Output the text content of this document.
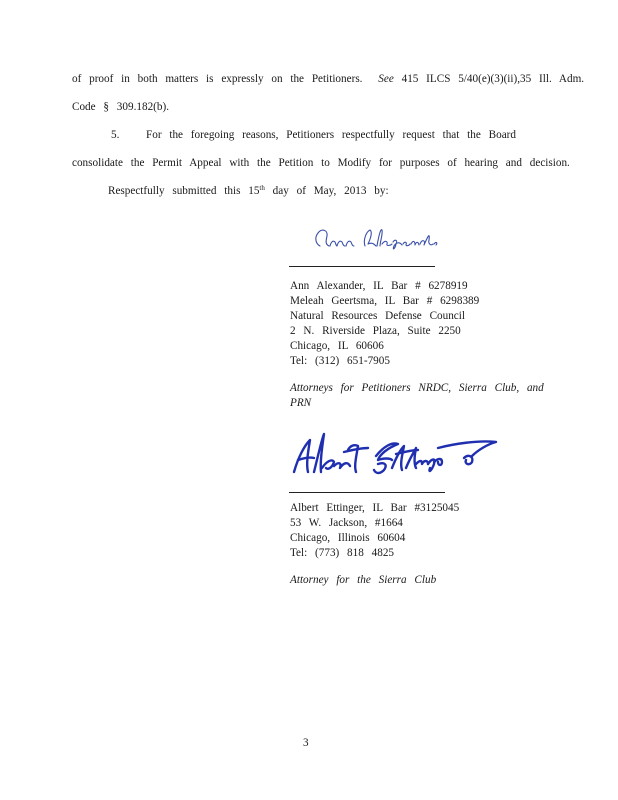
of proof in both matters is expressly on the Petitioners. See 415 ILCS 5/40(e)(3)(ii),35 Ill. Adm.
Code § 309.182(b).
5. For the foregoing reasons, Petitioners respectfully request that the Board
consolidate the Permit Appeal with the Petition to Modify for purposes of hearing and decision.
Respectfully submitted this 15th day of May, 2013 by:
Ann Alexander, IL Bar # 6278919
Meleah Geertsma, IL Bar # 6298389
Natural Resources Defense Council
2 N. Riverside Plaza, Suite 2250
Chicago, IL 60606
Tel: (312) 651-7905
Attorneys for Petitioners NRDC, Sierra Club, and
PRN
Albert Ettinger, IL Bar #3125045
53 W. Jackson, #1664
Chicago, Illinois 60604
Tel: (773) 818 4825
Attorney for the Sierra Club
3
